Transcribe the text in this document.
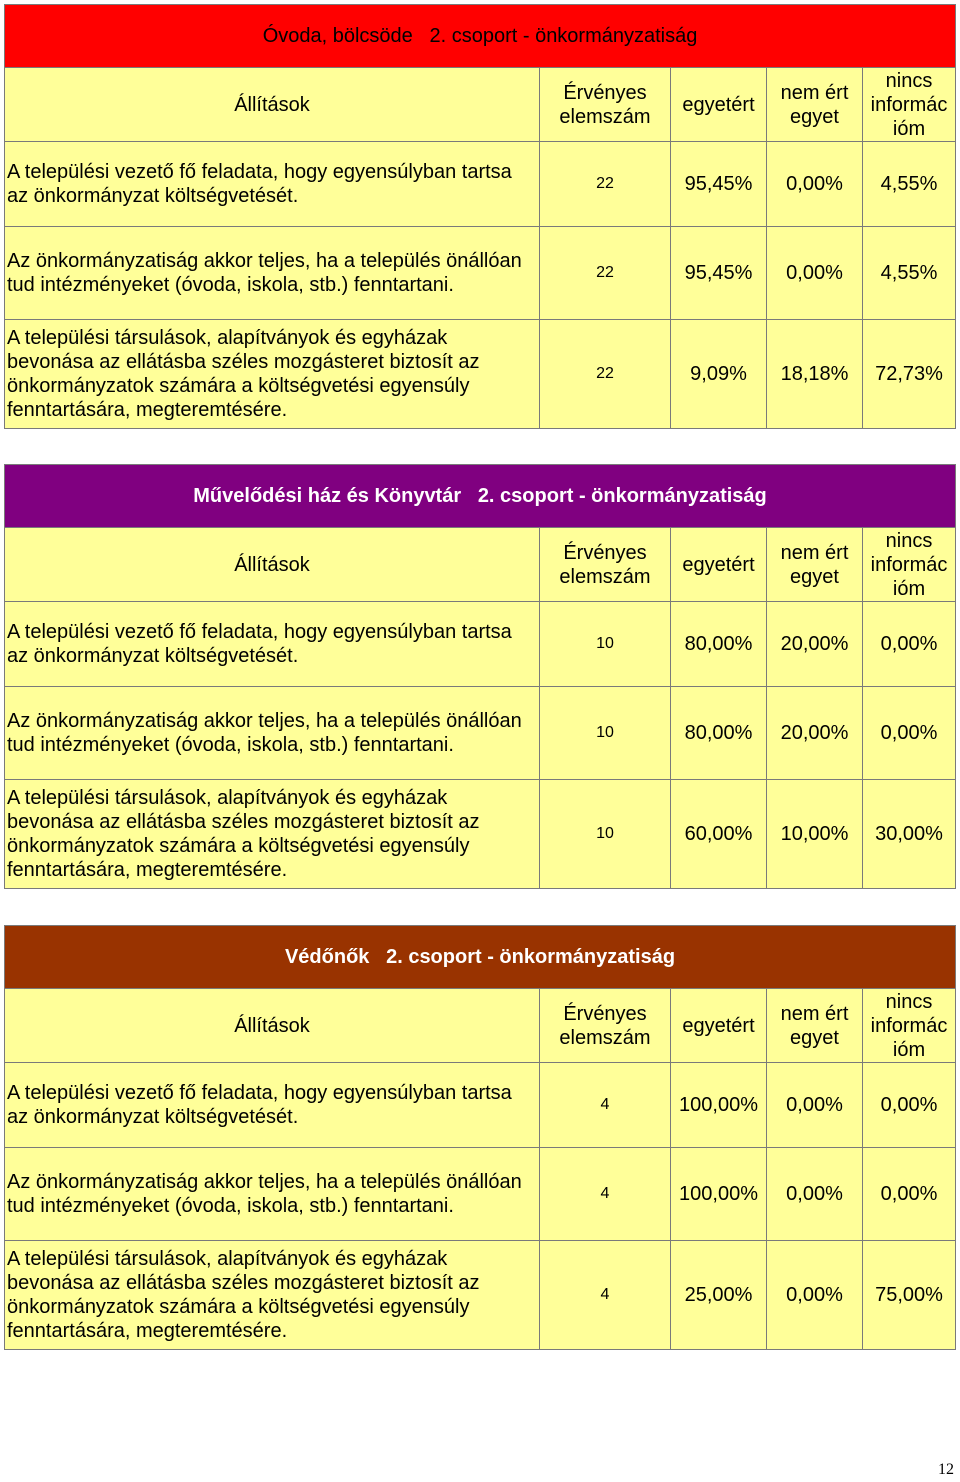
Óvoda, bölcsöde 2. csoport - önkormányzatiság				
Állítások	Érvényes elemszám	egyetért	nem ért egyet	nincs informác ióm
A települési vezető fő feladata, hogy egyensúlyban tartsa az önkormányzat költségvetését.	22	95,45%	0,00%	4,55%
Az önkormányzatiság akkor teljes, ha a település önállóan tud intézményeket (óvoda, iskola, stb.) fenntartani.	22	95,45%	0,00%	4,55%
A települési társulások, alapítványok és egyházak bevonása az ellátásba széles mozgásteret biztosít az önkormányzatok számára a költségvetési egyensúly fenntartására, megteremtésére.	22	9,09%	18,18%	72,73%
Művelődési ház és Könyvtár 2. csoport - önkormányzatiság				
Állítások	Érvényes elemszám	egyetért	nem ért egyet	nincs informác ióm
A települési vezető fő feladata, hogy egyensúlyban tartsa az önkormányzat költségvetését.	10	80,00%	20,00%	0,00%
Az önkormányzatiság akkor teljes, ha a település önállóan tud intézményeket (óvoda, iskola, stb.) fenntartani.	10	80,00%	20,00%	0,00%
A települési társulások, alapítványok és egyházak bevonása az ellátásba széles mozgásteret biztosít az önkormányzatok számára a költségvetési egyensúly fenntartására, megteremtésére.	10	60,00%	10,00%	30,00%
Védőnők 2. csoport - önkormányzatiság				
Állítások	Érvényes elemszám	egyetért	nem ért egyet	nincs informác ióm
A települési vezető fő feladata, hogy egyensúlyban tartsa az önkormányzat költségvetését.	4	100,00%	0,00%	0,00%
Az önkormányzatiság akkor teljes, ha a település önállóan tud intézményeket (óvoda, iskola, stb.) fenntartani.	4	100,00%	0,00%	0,00%
A települési társulások, alapítványok és egyházak bevonása az ellátásba széles mozgásteret biztosít az önkormányzatok számára a költségvetési egyensúly fenntartására, megteremtésére.	4	25,00%	0,00%	75,00%
12
